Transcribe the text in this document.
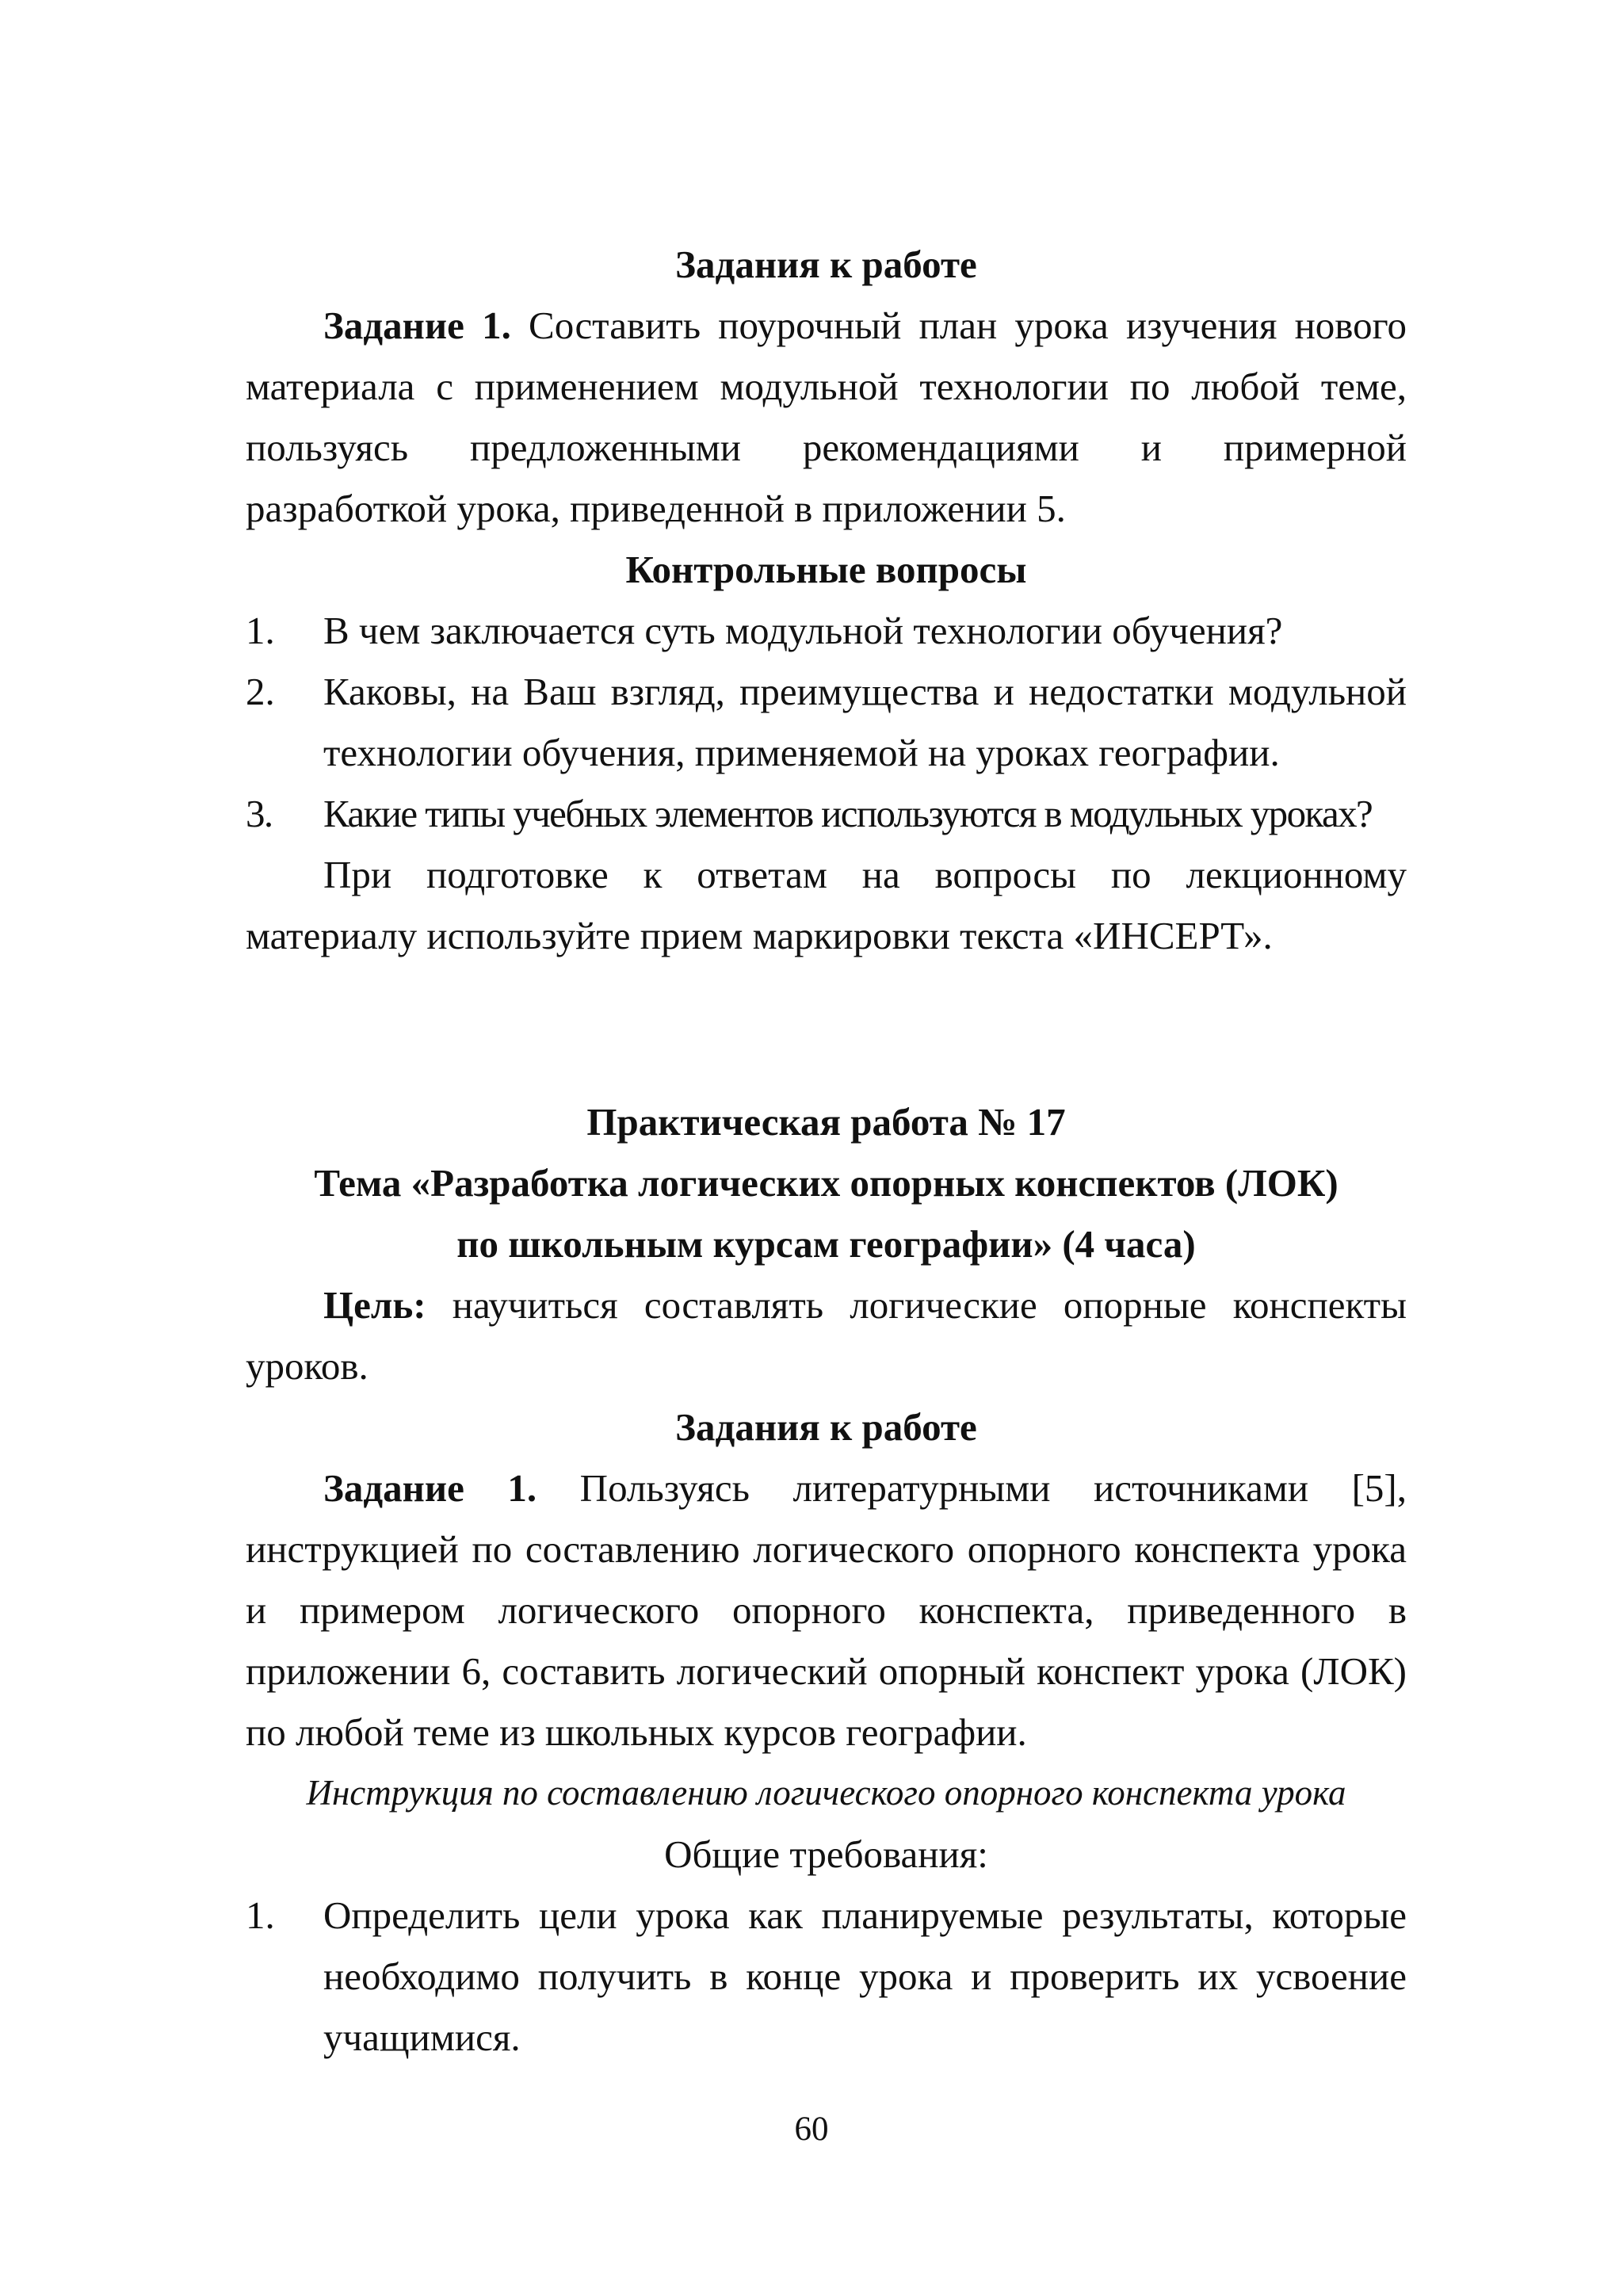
Задания к работе

Задание 1. Составить поурочный план урока изучения нового материала с применением модульной технологии по любой теме, пользуясь предложенными рекомендациями и примерной разработкой урока, приведенной в приложении 5.

Контрольные вопросы
1. В чем заключается суть модульной технологии обучения?
2. Каковы, на Ваш взгляд, преимущества и недостатки модульной технологии обучения, применяемой на уроках географии.
3. Какие типы учебных элементов используются в модульных уроках?

При подготовке к ответам на вопросы по лекционному материалу используйте прием маркировки текста «ИНСЕРТ».

Практическая работа № 17
Тема «Разработка логических опорных конспектов (ЛОК)
по школьным курсам географии» (4 часа)

Цель: научиться составлять логические опорные конспекты уроков.

Задания к работе

Задание 1. Пользуясь литературными источниками [5], инструкцией по составлению логического опорного конспекта урока и примером логического опорного конспекта, приведенного в приложении 6, составить логический опорный конспект урока (ЛОК) по любой теме из школьных курсов географии.

Инструкция по составлению логического опорного конспекта урока
Общие требования:
1. Определить цели урока как планируемые результаты, которые необходимо получить в конце урока и проверить их усвоение учащимися.
60
